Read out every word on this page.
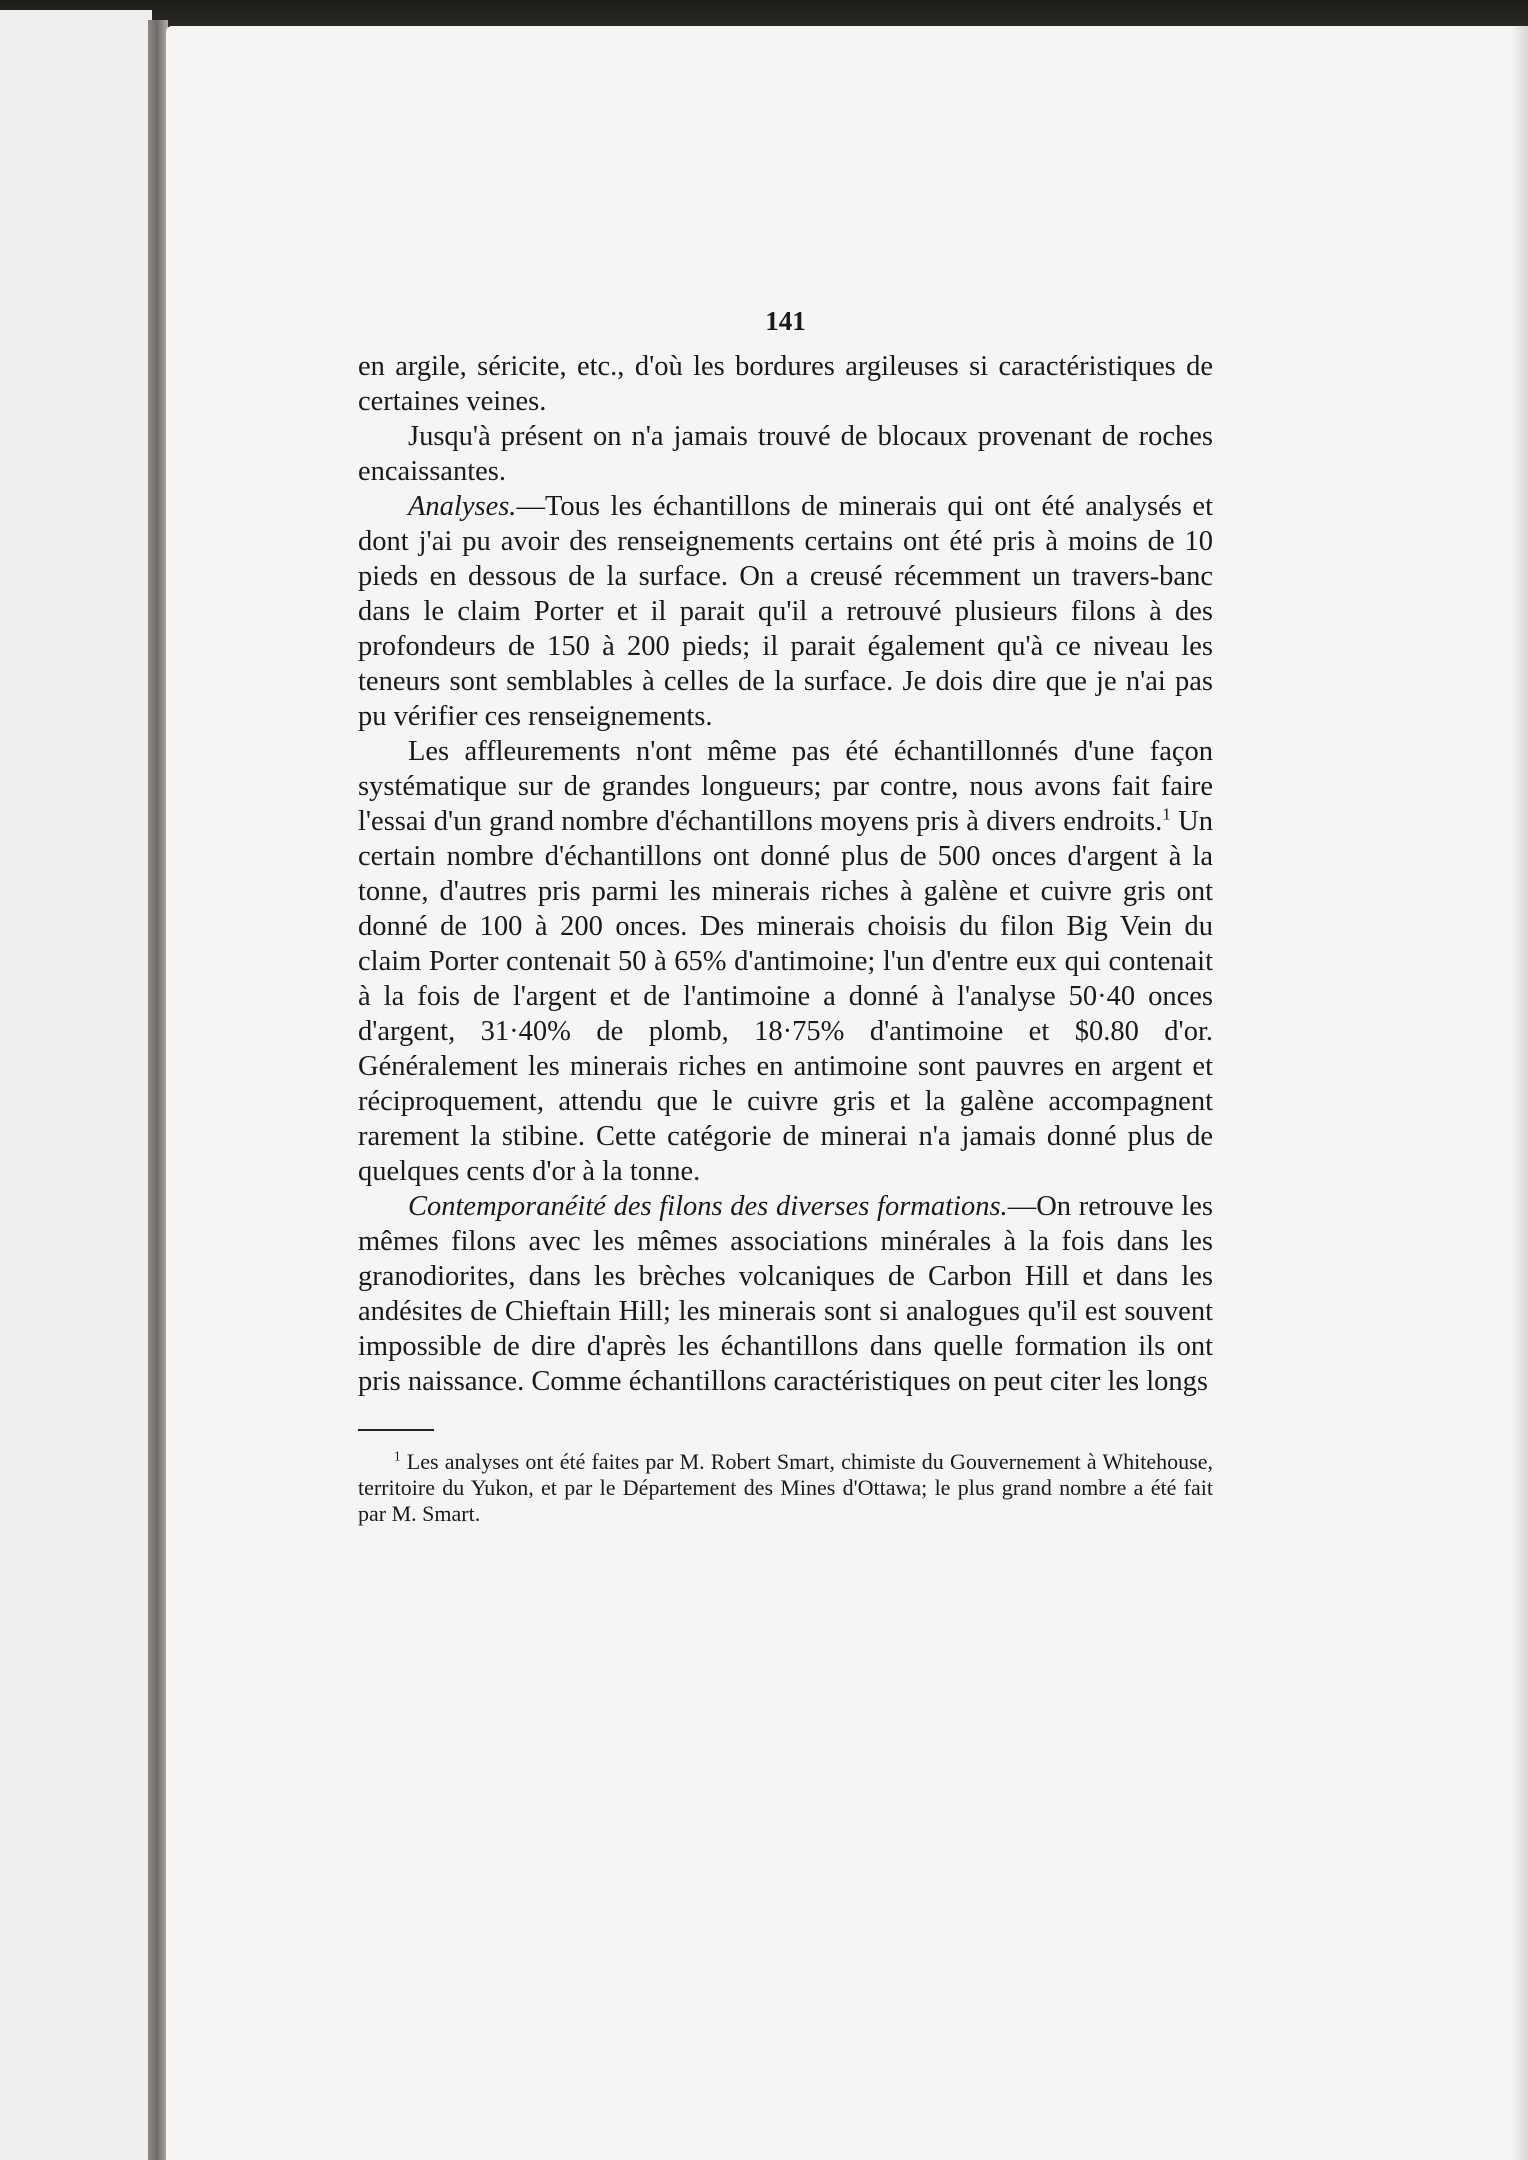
141

en argile, séricite, etc., d'où les bordures argileuses si caractéristiques de certaines veines.

Jusqu'à présent on n'a jamais trouvé de blocaux provenant de roches encaissantes.

Analyses.—Tous les échantillons de minerais qui ont été analysés et dont j'ai pu avoir des renseignements certains ont été pris à moins de 10 pieds en dessous de la surface. On a creusé récemment un travers-banc dans le claim Porter et il parait qu'il a retrouvé plusieurs filons à des profondeurs de 150 à 200 pieds; il parait également qu'à ce niveau les teneurs sont semblables à celles de la surface. Je dois dire que je n'ai pas pu vérifier ces renseignements.

Les affleurements n'ont même pas été échantillonnés d'une façon systématique sur de grandes longueurs; par contre, nous avons fait faire l'essai d'un grand nombre d'échantillons moyens pris à divers endroits.$^1$ Un certain nombre d'échantillons ont donné plus de 500 onces d'argent à la tonne, d'autres pris parmi les minerais riches à galène et cuivre gris ont donné de 100 à 200 onces. Des minerais choisis du filon Big Vein du claim Porter contenait 50 à 65% d'antimoine; l'un d'entre eux qui contenait à la fois de l'argent et de l'antimoine a donné à l'analyse 50·40 onces d'argent, 31·40% de plomb, 18·75% d'antimoine et $0.80 d'or. Généralement les minerais riches en antimoine sont pauvres en argent et réciproquement, attendu que le cuivre gris et la galène accompagnent rarement la stibine. Cette catégorie de minerai n'a jamais donné plus de quelques cents d'or à la tonne.

Contemporanéité des filons des diverses formations.—On retrouve les mêmes filons avec les mêmes associations minérales à la fois dans les granodiorites, dans les brèches volcaniques de Carbon Hill et dans les andésites de Chieftain Hill; les minerais sont si analogues qu'il est souvent impossible de dire d'après les échantillons dans quelle formation ils ont pris naissance. Comme échantillons caractéristiques on peut citer les longs

$^1$ Les analyses ont été faites par M. Robert Smart, chimiste du Gouvernement à Whitehouse, territoire du Yukon, et par le Département des Mines d'Ottawa; le plus grand nombre a été fait par M. Smart.
